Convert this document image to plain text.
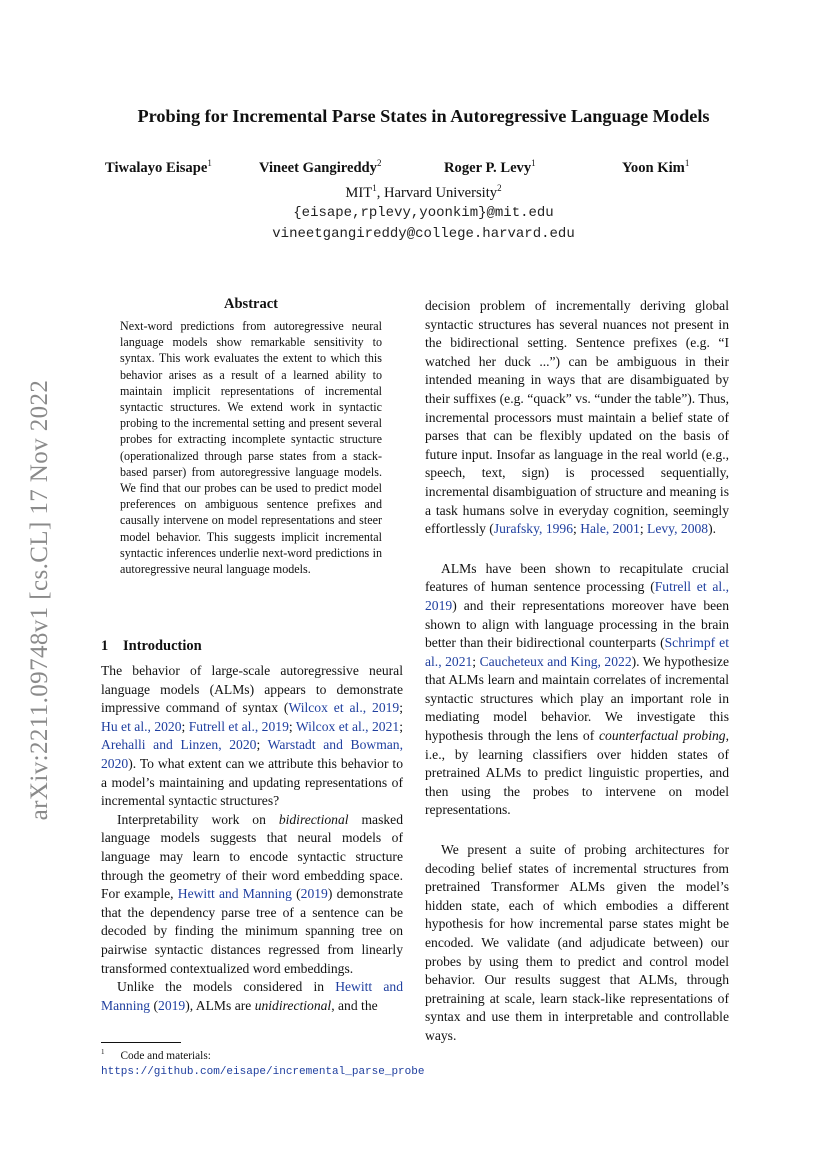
arXiv:2211.09748v1 [cs.CL] 17 Nov 2022
Probing for Incremental Parse States in Autoregressive Language Models
Tiwalayo Eisape$^1$	Vineet Gangireddy$^2$	Roger P. Levy$^1$	Yoon Kim$^1$
MIT$^1$, Harvard University$^2$
{eisape,rplevy,yoonkim}@mit.edu
vineetgangireddy@college.harvard.edu
Abstract
Next-word predictions from autoregressive neural language models show remarkable sensitivity to syntax. This work evaluates the extent to which this behavior arises as a result of a learned ability to maintain implicit representations of incremental syntactic structures. We extend work in syntactic probing to the incremental setting and present several probes for extracting incomplete syntactic structure (operationalized through parse states from a stack-based parser) from autoregressive language models. We find that our probes can be used to predict model preferences on ambiguous sentence prefixes and causally intervene on model representations and steer model behavior. This suggests implicit incremental syntactic inferences underlie next-word predictions in autoregressive neural language models.
1 Introduction

The behavior of large-scale autoregressive neural language models (ALMs) appears to demonstrate impressive command of syntax (Wilcox et al., 2019; Hu et al., 2020; Futrell et al., 2019; Wilcox et al., 2021; Arehalli and Linzen, 2020; Warstadt and Bowman, 2020). To what extent can we attribute this behavior to a model’s maintaining and updating representations of incremental syntactic structures?

Interpretability work on bidirectional masked language models suggests that neural models of language may learn to encode syntactic structure through the geometry of their word embedding space. For example, Hewitt and Manning (2019) demonstrate that the dependency parse tree of a sentence can be decoded by finding the minimum spanning tree on pairwise syntactic distances regressed from linearly transformed contextualized word embeddings.

Unlike the models considered in Hewitt and Manning (2019), ALMs are unidirectional, and the

$^1$ Code and materials: https://github.com/eisape/incremental_parse_probe

decision problem of incrementally deriving global syntactic structures has several nuances not present in the bidirectional setting. Sentence prefixes (e.g. “I watched her duck ...”) can be ambiguous in their intended meaning in ways that are disambiguated by their suffixes (e.g. “quack” vs. “under the table”). Thus, incremental processors must maintain a belief state of parses that can be flexibly updated on the basis of future input. Insofar as language in the real world (e.g., speech, text, sign) is processed sequentially, incremental disambiguation of structure and meaning is a task humans solve in everyday cognition, seemingly effortlessly (Jurafsky, 1996; Hale, 2001; Levy, 2008).

ALMs have been shown to recapitulate crucial features of human sentence processing (Futrell et al., 2019) and their representations moreover have been shown to align with language processing in the brain better than their bidirectional counterparts (Schrimpf et al., 2021; Caucheteux and King, 2022). We hypothesize that ALMs learn and maintain correlates of incremental syntactic structures which play an important role in mediating model behavior. We investigate this hypothesis through the lens of counterfactual probing, i.e., by learning classifiers over hidden states of pretrained ALMs to predict linguistic properties, and then using the probes to intervene on model representations.

We present a suite of probing architectures for decoding belief states of incremental structures from pretrained Transformer ALMs given the model’s hidden state, each of which embodies a different hypothesis for how incremental parse states might be encoded. We validate (and adjudicate between) our probes by using them to predict and control model behavior. Our results suggest that ALMs, through pretraining at scale, learn stack-like representations of syntax and use them in interpretable and controllable ways.
